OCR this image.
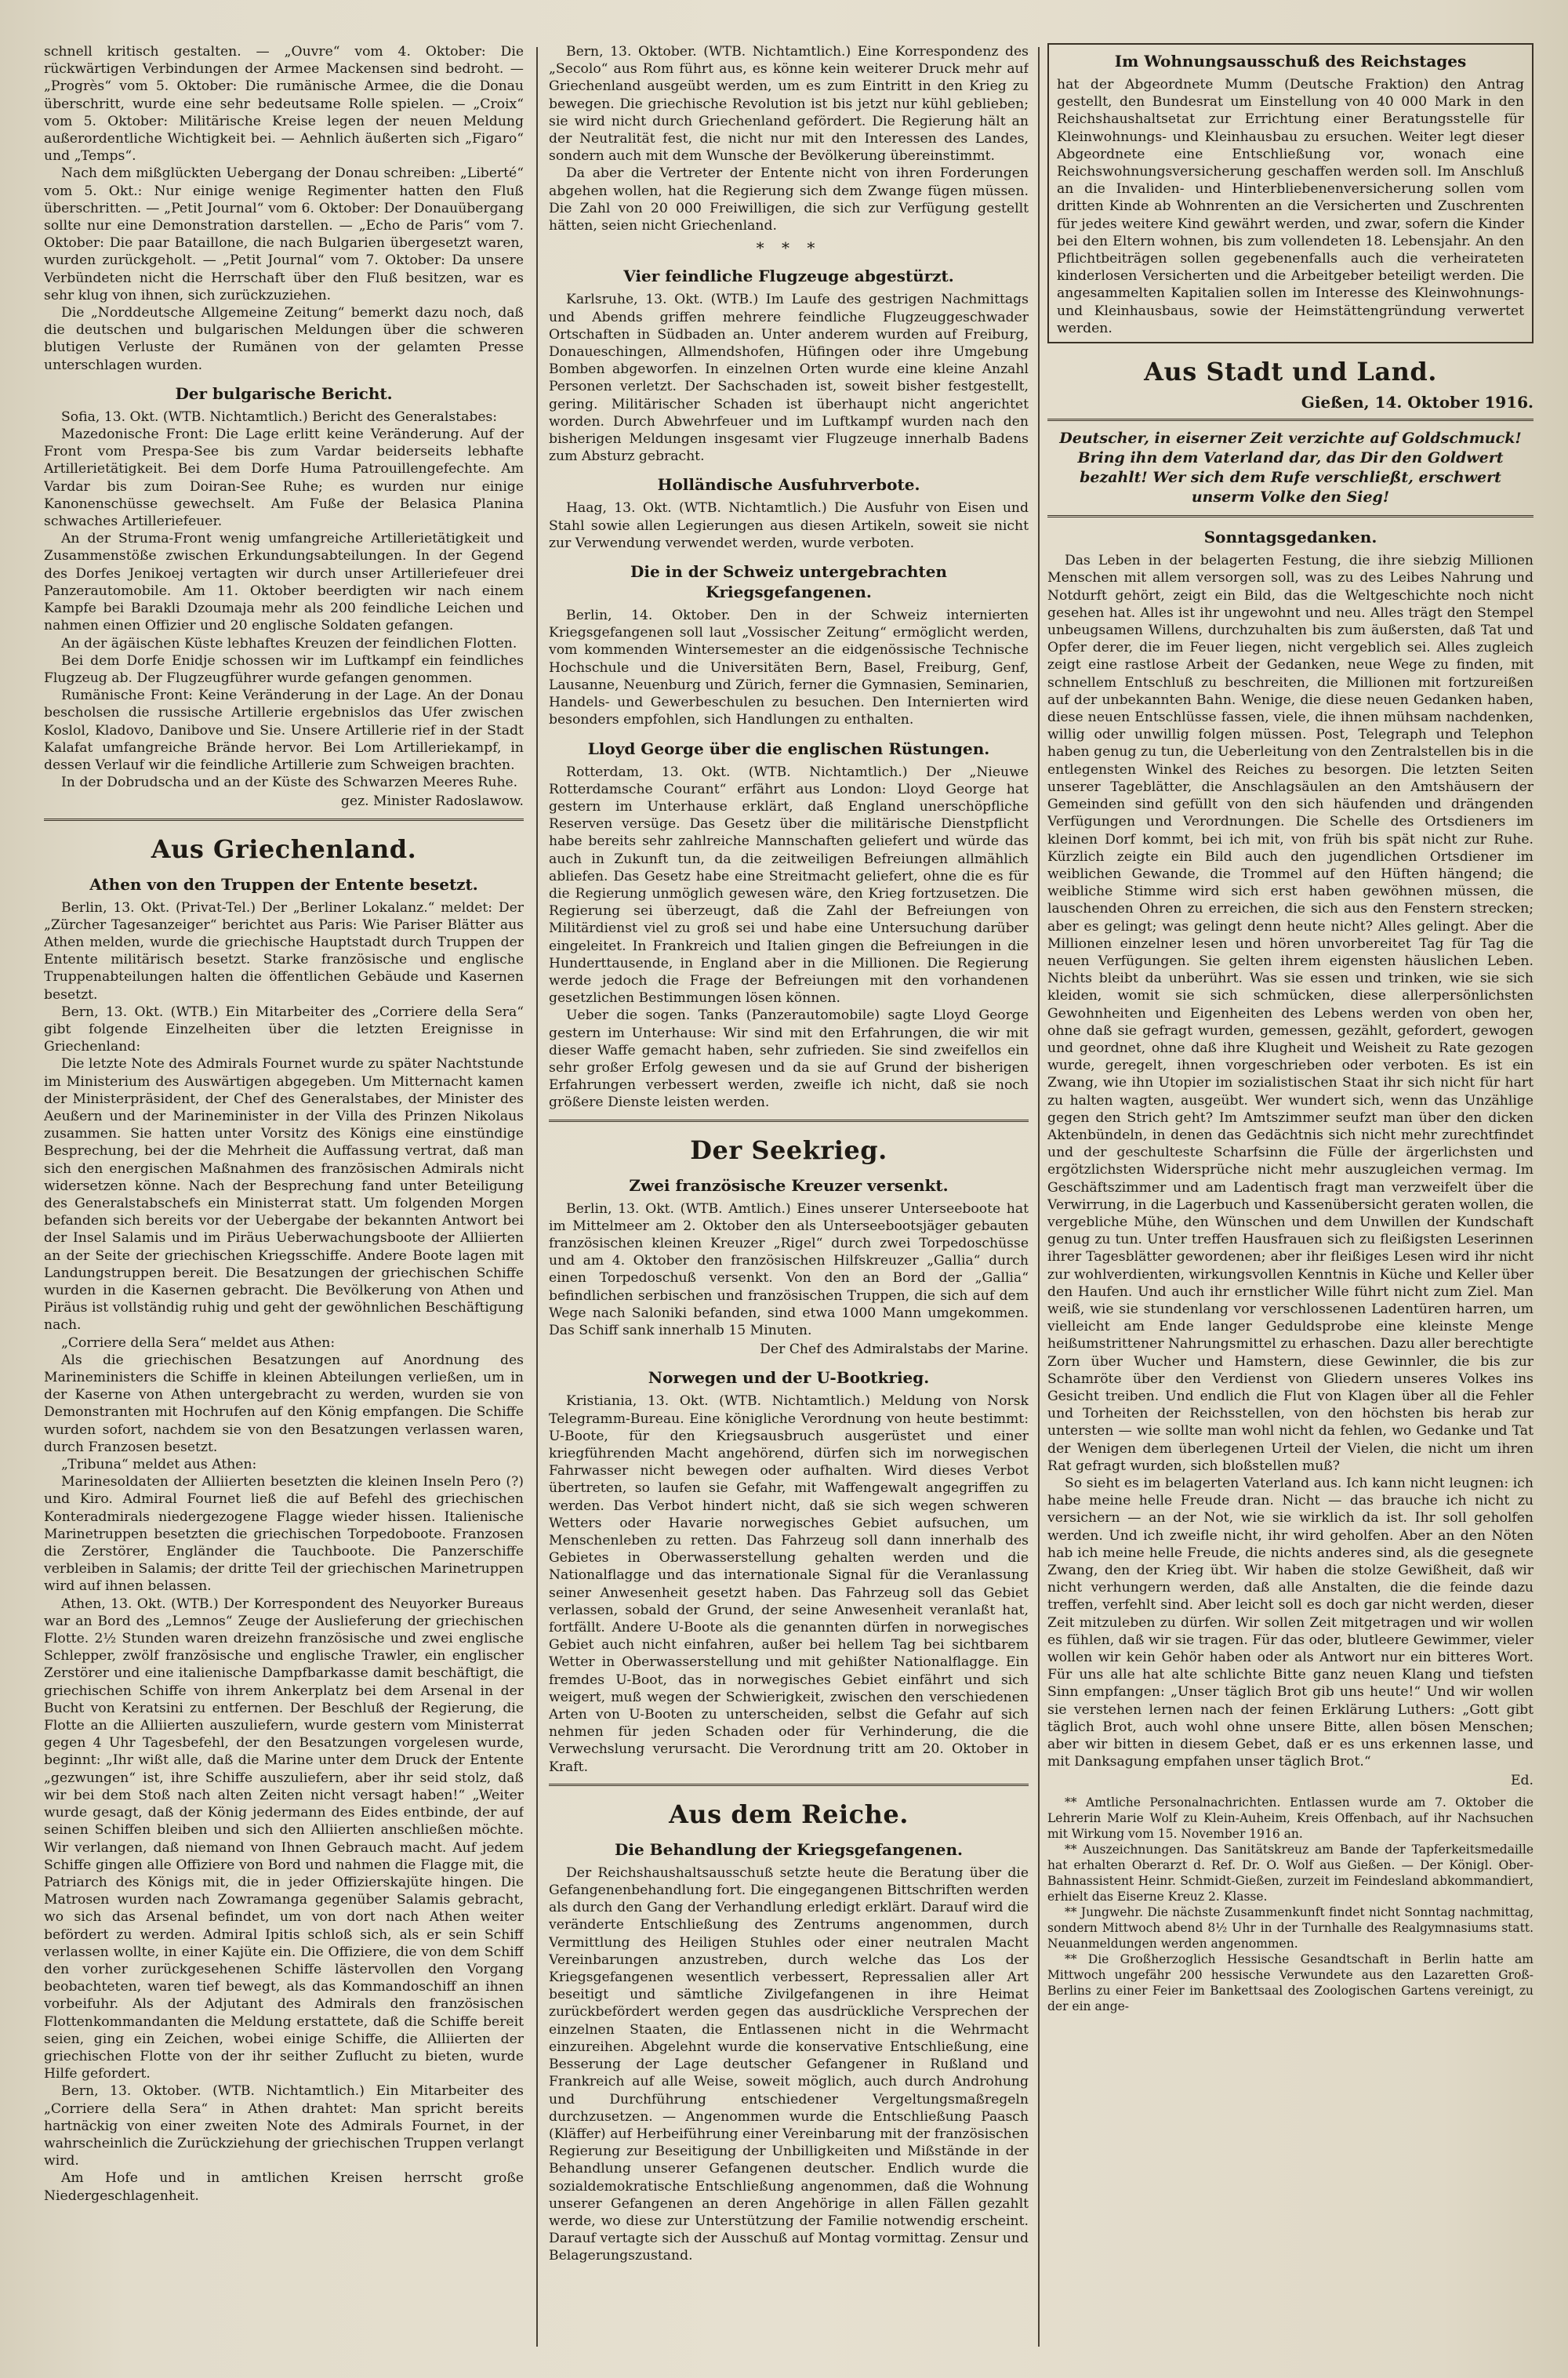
schnell kritisch gestalten. — „Ouvre“ vom 4. Oktober: Die rückwärtigen Verbindungen der Armee Mackensen sind bedroht. — „Progrès“ vom 5. Oktober: Die rumänische Armee, die die Donau überschritt, wurde eine sehr bedeutsame Rolle spielen. — „Croix“ vom 5. Oktober: Militärische Kreise legen der neuen Meldung außerordentliche Wichtigkeit bei. — Aehnlich äußerten sich „Figaro“ und „Temps“.

Nach dem mißglückten Uebergang der Donau schreiben: „Liberté“ vom 5. Okt.: Nur einige wenige Regimenter hatten den Fluß überschritten. — „Petit Journal“ vom 6. Oktober: Der Donauübergang sollte nur eine Demonstration darstellen. — „Echo de Paris“ vom 7. Oktober: Die paar Bataillone, die nach Bulgarien übergesetzt waren, wurden zurückgeholt. — „Petit Journal“ vom 7. Oktober: Da unsere Verbündeten nicht die Herrschaft über den Fluß besitzen, war es sehr klug von ihnen, sich zurückzuziehen.

Die „Norddeutsche Allgemeine Zeitung“ bemerkt dazu noch, daß die deutschen und bulgarischen Meldungen über die schweren blutigen Verluste der Rumänen von der gelamten Presse unterschlagen wurden.

Der bulgarische Bericht.

Sofia, 13. Okt. (WTB. Nichtamtlich.) Bericht des Generalstabes:

Mazedonische Front: Die Lage erlitt keine Veränderung. Auf der Front vom Prespa-See bis zum Vardar beiderseits lebhafte Artillerietätigkeit. Bei dem Dorfe Huma Patrouillengefechte. Am Vardar bis zum Doiran-See Ruhe; es wurden nur einige Kanonenschüsse gewechselt. Am Fuße der Belasica Planina schwaches Artilleriefeuer.

An der Struma-Front wenig umfangreiche Artillerietätigkeit und Zusammenstöße zwischen Erkundungsabteilungen. In der Gegend des Dorfes Jenikoej vertagten wir durch unser Artilleriefeuer drei Panzerautomobile. Am 11. Oktober beerdigten wir nach einem Kampfe bei Barakli Dzoumaja mehr als 200 feindliche Leichen und nahmen einen Offizier und 20 englische Soldaten gefangen.

An der ägäischen Küste lebhaftes Kreuzen der feindlichen Flotten.

Bei dem Dorfe Enidje schossen wir im Luftkampf ein feindliches Flugzeug ab. Der Flugzeugführer wurde gefangen genommen.

Rumänische Front: Keine Veränderung in der Lage. An der Donau bescholsen die russische Artillerie ergebnislos das Ufer zwischen Koslol, Kladovo, Danibove und Sie. Unsere Artillerie rief in der Stadt Kalafat umfangreiche Brände hervor. Bei Lom Artilleriekampf, in dessen Verlauf wir die feindliche Artillerie zum Schweigen brachten.

In der Dobrudscha und an der Küste des Schwarzen Meeres Ruhe.

gez. Minister Radoslawow.

Aus Griechenland.
Athen von den Truppen der Entente besetzt.

Berlin, 13. Okt. (Privat-Tel.) Der „Berliner Lokalanz.“ meldet: Der „Zürcher Tagesanzeiger“ berichtet aus Paris: Wie Pariser Blätter aus Athen melden, wurde die griechische Hauptstadt durch Truppen der Entente militärisch besetzt. Starke französische und englische Truppenabteilungen halten die öffentlichen Gebäude und Kasernen besetzt.

Bern, 13. Okt. (WTB.) Ein Mitarbeiter des „Corriere della Sera“ gibt folgende Einzelheiten über die letzten Ereignisse in Griechenland:

Die letzte Note des Admirals Fournet wurde zu später Nachtstunde im Ministerium des Auswärtigen abgegeben. Um Mitternacht kamen der Ministerpräsident, der Chef des Generalstabes, der Minister des Aeußern und der Marineminister in der Villa des Prinzen Nikolaus zusammen. Sie hatten unter Vorsitz des Königs eine einstündige Besprechung, bei der die Mehrheit die Auffassung vertrat, daß man sich den energischen Maßnahmen des französischen Admirals nicht widersetzen könne. Nach der Besprechung fand unter Beteiligung des Generalstabschefs ein Ministerrat statt. Um folgenden Morgen befanden sich bereits vor der Uebergabe der bekannten Antwort bei der Insel Salamis und im Piräus Ueberwachungsboote der Alliierten an der Seite der griechischen Kriegsschiffe. Andere Boote lagen mit Landungstruppen bereit. Die Besatzungen der griechischen Schiffe wurden in die Kasernen gebracht. Die Bevölkerung von Athen und Piräus ist vollständig ruhig und geht der gewöhnlichen Beschäftigung nach.

„Corriere della Sera“ meldet aus Athen:

Als die griechischen Besatzungen auf Anordnung des Marineministers die Schiffe in kleinen Abteilungen verließen, um in der Kaserne von Athen untergebracht zu werden, wurden sie von Demonstranten mit Hochrufen auf den König empfangen. Die Schiffe wurden sofort, nachdem sie von den Besatzungen verlassen waren, durch Franzosen besetzt.

„Tribuna“ meldet aus Athen:

Marinesoldaten der Alliierten besetzten die kleinen Inseln Pero (?) und Kiro. Admiral Fournet ließ die auf Befehl des griechischen Konteradmirals niedergezogene Flagge wieder hissen. Italienische Marinetruppen besetzten die griechischen Torpedoboote. Franzosen die Zerstörer, Engländer die Tauchboote. Die Panzerschiffe verbleiben in Salamis; der dritte Teil der griechischen Marinetruppen wird auf ihnen belassen.

Athen, 13. Okt. (WTB.) Der Korrespondent des Neuyorker Bureaus war an Bord des „Lemnos“ Zeuge der Auslieferung der griechischen Flotte. 2½ Stunden waren dreizehn französische und zwei englische Schlepper, zwölf französische und englische Trawler, ein englischer Zerstörer und eine italienische Dampfbarkasse damit beschäftigt, die griechischen Schiffe von ihrem Ankerplatz bei dem Arsenal in der Bucht von Keratsini zu entfernen. Der Beschluß der Regierung, die Flotte an die Alliierten auszuliefern, wurde gestern vom Ministerrat gegen 4 Uhr Tagesbefehl, der den Besatzungen vorgelesen wurde, beginnt: „Ihr wißt alle, daß die Marine unter dem Druck der Entente „gezwungen“ ist, ihre Schiffe auszuliefern, aber ihr seid stolz, daß wir bei dem Stoß nach alten Zeiten nicht versagt haben!“ „Weiter wurde gesagt, daß der König jedermann des Eides entbinde, der auf seinen Schiffen bleiben und sich den Alliierten anschließen möchte. Wir verlangen, daß niemand von Ihnen Gebrauch macht. Auf jedem Schiffe gingen alle Offiziere von Bord und nahmen die Flagge mit, die Patriarch des Königs mit, die in jeder Offizierskajüte hingen. Die Matrosen wurden nach Zowramanga gegenüber Salamis gebracht, wo sich das Arsenal befindet, um von dort nach Athen weiter befördert zu werden. Admiral Ipitis schloß sich, als er sein Schiff verlassen wollte, in einer Kajüte ein. Die Offiziere, die von dem Schiff den vorher zurückgesehenen Schiffe lästervollen den Vorgang beobachteten, waren tief bewegt, als das Kommandoschiff an ihnen vorbeifuhr. Als der Adjutant des Admirals den französischen Flottenkommandanten die Meldung erstattete, daß die Schiffe bereit seien, ging ein Zeichen, wobei einige Schiffe, die Alliierten der griechischen Flotte von der ihr seither Zuflucht zu bieten, wurde Hilfe gefordert.

Bern, 13. Oktober. (WTB. Nichtamtlich.) Ein Mitarbeiter des „Corriere della Sera“ in Athen drahtet: Man spricht bereits hartnäckig von einer zweiten Note des Admirals Fournet, in der wahrscheinlich die Zurückziehung der griechischen Truppen verlangt wird.

Am Hofe und in amtlichen Kreisen herrscht große Niedergeschlagenheit.

Bern, 13. Oktober. (WTB. Nichtamtlich.) Eine Korrespondenz des „Secolo“ aus Rom führt aus, es könne kein weiterer Druck mehr auf Griechenland ausgeübt werden, um es zum Eintritt in den Krieg zu bewegen. Die griechische Revolution ist bis jetzt nur kühl geblieben; sie wird nicht durch Griechenland gefördert. Die Regierung hält an der Neutralität fest, die nicht nur mit den Interessen des Landes, sondern auch mit dem Wunsche der Bevölkerung übereinstimmt.

Da aber die Vertreter der Entente nicht von ihren Forderungen abgehen wollen, hat die Regierung sich dem Zwange fügen müssen. Die Zahl von 20 000 Freiwilligen, die sich zur Verfügung gestellt hätten, seien nicht Griechenland.

* * *
Vier feindliche Flugzeuge abgestürzt.

Karlsruhe, 13. Okt. (WTB.) Im Laufe des gestrigen Nachmittags und Abends griffen mehrere feindliche Flugzeuggeschwader Ortschaften in Südbaden an. Unter anderem wurden auf Freiburg, Donaueschingen, Allmendshofen, Hüfingen oder ihre Umgebung Bomben abgeworfen. In einzelnen Orten wurde eine kleine Anzahl Personen verletzt. Der Sachschaden ist, soweit bisher festgestellt, gering. Militärischer Schaden ist überhaupt nicht angerichtet worden. Durch Abwehrfeuer und im Luftkampf wurden nach den bisherigen Meldungen insgesamt vier Flugzeuge innerhalb Badens zum Absturz gebracht.

Holländische Ausfuhrverbote.

Haag, 13. Okt. (WTB. Nichtamtlich.) Die Ausfuhr von Eisen und Stahl sowie allen Legierungen aus diesen Artikeln, soweit sie nicht zur Verwendung verwendet werden, wurde verboten.

Die in der Schweiz untergebrachten Kriegsgefangenen.

Berlin, 14. Oktober. Den in der Schweiz internierten Kriegsgefangenen soll laut „Vossischer Zeitung“ ermöglicht werden, vom kommenden Wintersemester an die eidgenössische Technische Hochschule und die Universitäten Bern, Basel, Freiburg, Genf, Lausanne, Neuenburg und Zürich, ferner die Gymnasien, Seminarien, Handels- und Gewerbeschulen zu besuchen. Den Internierten wird besonders empfohlen, sich Handlungen zu enthalten.

Lloyd George über die englischen Rüstungen.

Rotterdam, 13. Okt. (WTB. Nichtamtlich.) Der „Nieuwe Rotterdamsche Courant“ erfährt aus London: Lloyd George hat gestern im Unterhause erklärt, daß England unerschöpfliche Reserven versüge. Das Gesetz über die militärische Dienstpflicht habe bereits sehr zahlreiche Mannschaften geliefert und würde das auch in Zukunft tun, da die zeitweiligen Befreiungen allmählich abliefen. Das Gesetz habe eine Streitmacht geliefert, ohne die es für die Regierung unmöglich gewesen wäre, den Krieg fortzusetzen. Die Regierung sei überzeugt, daß die Zahl der Befreiungen von Militärdienst viel zu groß sei und habe eine Untersuchung darüber eingeleitet. In Frankreich und Italien gingen die Befreiungen in die Hunderttausende, in England aber in die Millionen. Die Regierung werde jedoch die Frage der Befreiungen mit den vorhandenen gesetzlichen Bestimmungen lösen können.

Ueber die sogen. Tanks (Panzerautomobile) sagte Lloyd George gestern im Unterhause: Wir sind mit den Erfahrungen, die wir mit dieser Waffe gemacht haben, sehr zufrieden. Sie sind zweifellos ein sehr großer Erfolg gewesen und da sie auf Grund der bisherigen Erfahrungen verbessert werden, zweifle ich nicht, daß sie noch größere Dienste leisten werden.

Der Seekrieg.
Zwei französische Kreuzer versenkt.

Berlin, 13. Okt. (WTB. Amtlich.) Eines unserer Unterseeboote hat im Mittelmeer am 2. Oktober den als Unterseebootsjäger gebauten französischen kleinen Kreuzer „Rigel“ durch zwei Torpedoschüsse und am 4. Oktober den französischen Hilfskreuzer „Gallia“ durch einen Torpedoschuß versenkt. Von den an Bord der „Gallia“ befindlichen serbischen und französischen Truppen, die sich auf dem Wege nach Saloniki befanden, sind etwa 1000 Mann umgekommen. Das Schiff sank innerhalb 15 Minuten.

Der Chef des Admiralstabs der Marine.

Norwegen und der U-Bootkrieg.

Kristiania, 13. Okt. (WTB. Nichtamtlich.) Meldung von Norsk Telegramm-Bureau. Eine königliche Verordnung von heute bestimmt: U-Boote, für den Kriegsausbruch ausgerüstet und einer kriegführenden Macht angehörend, dürfen sich im norwegischen Fahrwasser nicht bewegen oder aufhalten. Wird dieses Verbot übertreten, so laufen sie Gefahr, mit Waffengewalt angegriffen zu werden. Das Verbot hindert nicht, daß sie sich wegen schweren Wetters oder Havarie norwegisches Gebiet aufsuchen, um Menschenleben zu retten. Das Fahrzeug soll dann innerhalb des Gebietes in Oberwasserstellung gehalten werden und die Nationalflagge und das internationale Signal für die Veranlassung seiner Anwesenheit gesetzt haben. Das Fahrzeug soll das Gebiet verlassen, sobald der Grund, der seine Anwesenheit veranlaßt hat, fortfällt. Andere U-Boote als die genannten dürfen in norwegisches Gebiet auch nicht einfahren, außer bei hellem Tag bei sichtbarem Wetter in Oberwasserstellung und mit gehißter Nationalflagge. Ein fremdes U-Boot, das in norwegisches Gebiet einfährt und sich weigert, muß wegen der Schwierigkeit, zwischen den verschiedenen Arten von U-Booten zu unterscheiden, selbst die Gefahr auf sich nehmen für jeden Schaden oder für Verhinderung, die die Verwechslung verursacht. Die Verordnung tritt am 20. Oktober in Kraft.

Aus dem Reiche.
Die Behandlung der Kriegsgefangenen.

Der Reichshaushaltsausschuß setzte heute die Beratung über die Gefangenenbehandlung fort. Die eingegangenen Bittschriften werden als durch den Gang der Verhandlung erledigt erklärt. Darauf wird die veränderte Entschließung des Zentrums angenommen, durch Vermittlung des Heiligen Stuhles oder einer neutralen Macht Vereinbarungen anzustreben, durch welche das Los der Kriegsgefangenen wesentlich verbessert, Repressalien aller Art beseitigt und sämtliche Zivilgefangenen in ihre Heimat zurückbefördert werden gegen das ausdrückliche Versprechen der einzelnen Staaten, die Entlassenen nicht in die Wehrmacht einzureihen. Abgelehnt wurde die konservative Entschließung, eine Besserung der Lage deutscher Gefangener in Rußland und Frankreich auf alle Weise, soweit möglich, auch durch Androhung und Durchführung entschiedener Vergeltungsmaßregeln durchzusetzen. — Angenommen wurde die Entschließung Paasch (Kläffer) auf Herbeiführung einer Vereinbarung mit der französischen Regierung zur Beseitigung der Unbilligkeiten und Mißstände in der Behandlung unserer Gefangenen deutscher. Endlich wurde die sozialdemokratische Entschließung angenommen, daß die Wohnung unserer Gefangenen an deren Angehörige in allen Fällen gezahlt werde, wo diese zur Unterstützung der Familie notwendig erscheint. Darauf vertagte sich der Ausschuß auf Montag vormittag. Zensur und Belagerungszustand.

Im Wohnungsausschuß des Reichstages

hat der Abgeordnete Mumm (Deutsche Fraktion) den Antrag gestellt, den Bundesrat um Einstellung von 40 000 Mark in den Reichshaushaltsetat zur Errichtung einer Beratungsstelle für Kleinwohnungs- und Kleinhausbau zu ersuchen. Weiter legt dieser Abgeordnete eine Entschließung vor, wonach eine Reichswohnungsversicherung geschaffen werden soll. Im Anschluß an die Invaliden- und Hinterbliebenenversicherung sollen vom dritten Kinde ab Wohnrenten an die Versicherten und Zuschrenten für jedes weitere Kind gewährt werden, und zwar, sofern die Kinder bei den Eltern wohnen, bis zum vollendeten 18. Lebensjahr. An den Pflichtbeiträgen sollen gegebenenfalls auch die verheirateten kinderlosen Versicherten und die Arbeitgeber beteiligt werden. Die angesammelten Kapitalien sollen im Interesse des Kleinwohnungs- und Kleinhausbaus, sowie der Heimstättengründung verwertet werden.

Aus Stadt und Land.
Gießen, 14. Oktober 1916.

Deutscher, in eiserner Zeit verzichte auf Goldschmuck! Bring ihn dem Vaterland dar, das Dir den Goldwert bezahlt! Wer sich dem Rufe verschließt, erschwert unserm Volke den Sieg!

Sonntagsgedanken.

Das Leben in der belagerten Festung, die ihre siebzig Millionen Menschen mit allem versorgen soll, was zu des Leibes Nahrung und Notdurft gehört, zeigt ein Bild, das die Weltgeschichte noch nicht gesehen hat. Alles ist ihr ungewohnt und neu. Alles trägt den Stempel unbeugsamen Willens, durchzuhalten bis zum äußersten, daß Tat und Opfer derer, die im Feuer liegen, nicht vergeblich sei. Alles zugleich zeigt eine rastlose Arbeit der Gedanken, neue Wege zu finden, mit schnellem Entschluß zu beschreiten, die Millionen mit fortzureißen auf der unbekannten Bahn. Wenige, die diese neuen Gedanken haben, diese neuen Entschlüsse fassen, viele, die ihnen mühsam nachdenken, willig oder unwillig folgen müssen. Post, Telegraph und Telephon haben genug zu tun, die Ueberleitung von den Zentralstellen bis in die entlegensten Winkel des Reiches zu besorgen. Die letzten Seiten unserer Tageblätter, die Anschlagsäulen an den Amtshäusern der Gemeinden sind gefüllt von den sich häufenden und drängenden Verfügungen und Verordnungen. Die Schelle des Ortsdieners im kleinen Dorf kommt, bei ich mit, von früh bis spät nicht zur Ruhe. Kürzlich zeigte ein Bild auch den jugendlichen Ortsdiener im weiblichen Gewande, die Trommel auf den Hüften hängend; die weibliche Stimme wird sich erst haben gewöhnen müssen, die lauschenden Ohren zu erreichen, die sich aus den Fenstern strecken; aber es gelingt; was gelingt denn heute nicht? Alles gelingt. Aber die Millionen einzelner lesen und hören unvorbereitet Tag für Tag die neuen Verfügungen. Sie gelten ihrem eigensten häuslichen Leben. Nichts bleibt da unberührt. Was sie essen und trinken, wie sie sich kleiden, womit sie sich schmücken, diese allerpersönlichsten Gewohnheiten und Eigenheiten des Lebens werden von oben her, ohne daß sie gefragt wurden, gemessen, gezählt, gefordert, gewogen und geordnet, ohne daß ihre Klugheit und Weisheit zu Rate gezogen wurde, geregelt, ihnen vorgeschrieben oder verboten. Es ist ein Zwang, wie ihn Utopier im sozialistischen Staat ihr sich nicht für hart zu halten wagten, ausgeübt. Wer wundert sich, wenn das Unzählige gegen den Strich geht? Im Amtszimmer seufzt man über den dicken Aktenbündeln, in denen das Gedächtnis sich nicht mehr zurechtfindet und der geschulteste Scharfsinn die Fülle der ärgerlichsten und ergötzlichsten Widersprüche nicht mehr auszugleichen vermag. Im Geschäftszimmer und am Ladentisch fragt man verzweifelt über die Verwirrung, in die Lagerbuch und Kassenübersicht geraten wollen, die vergebliche Mühe, den Wünschen und dem Unwillen der Kundschaft genug zu tun. Unter treffen Hausfrauen sich zu fleißigsten Leserinnen ihrer Tagesblätter gewordenen; aber ihr fleißiges Lesen wird ihr nicht zur wohlverdienten, wirkungsvollen Kenntnis in Küche und Keller über den Haufen. Und auch ihr ernstlicher Wille führt nicht zum Ziel. Man weiß, wie sie stundenlang vor verschlossenen Ladentüren harren, um vielleicht am Ende langer Geduldsprobe eine kleinste Menge heißumstrittener Nahrungsmittel zu erhaschen. Dazu aller berechtigte Zorn über Wucher und Hamstern, diese Gewinnler, die bis zur Schamröte über den Verdienst von Gliedern unseres Volkes ins Gesicht treiben. Und endlich die Flut von Klagen über all die Fehler und Torheiten der Reichsstellen, von den höchsten bis herab zur untersten — wie sollte man wohl nicht da fehlen, wo Gedanke und Tat der Wenigen dem überlegenen Urteil der Vielen, die nicht um ihren Rat gefragt wurden, sich bloßstellen muß?

So sieht es im belagerten Vaterland aus. Ich kann nicht leugnen: ich habe meine helle Freude dran. Nicht — das brauche ich nicht zu versichern — an der Not, wie sie wirklich da ist. Ihr soll geholfen werden. Und ich zweifle nicht, ihr wird geholfen. Aber an den Nöten hab ich meine helle Freude, die nichts anderes sind, als die gesegnete Zwang, den der Krieg übt. Wir haben die stolze Gewißheit, daß wir nicht verhungern werden, daß alle Anstalten, die die feinde dazu treffen, verfehlt sind. Aber leicht soll es doch gar nicht werden, dieser Zeit mitzuleben zu dürfen. Wir sollen Zeit mitgetragen und wir wollen es fühlen, daß wir sie tragen. Für das oder, blutleere Gewimmer, vieler wollen wir kein Gehör haben oder als Antwort nur ein bitteres Wort. Für uns alle hat alte schlichte Bitte ganz neuen Klang und tiefsten Sinn empfangen: „Unser täglich Brot gib uns heute!“ Und wir wollen sie verstehen lernen nach der feinen Erklärung Luthers: „Gott gibt täglich Brot, auch wohl ohne unsere Bitte, allen bösen Menschen; aber wir bitten in diesem Gebet, daß er es uns erkennen lasse, und mit Danksagung empfahen unser täglich Brot.“

Ed.

** Amtliche Personalnachrichten. Entlassen wurde am 7. Oktober die Lehrerin Marie Wolf zu Klein-Auheim, Kreis Offenbach, auf ihr Nachsuchen mit Wirkung vom 15. November 1916 an.

** Auszeichnungen. Das Sanitätskreuz am Bande der Tapferkeitsmedaille hat erhalten Oberarzt d. Ref. Dr. O. Wolf aus Gießen. — Der Königl. Ober-Bahnassistent Heinr. Schmidt-Gießen, zurzeit im Feindesland abkommandiert, erhielt das Eiserne Kreuz 2. Klasse.

** Jungwehr. Die nächste Zusammenkunft findet nicht Sonntag nachmittag, sondern Mittwoch abend 8½ Uhr in der Turnhalle des Realgymnasiums statt. Neuanmeldungen werden angenommen.

** Die Großherzoglich Hessische Gesandtschaft in Berlin hatte am Mittwoch ungefähr 200 hessische Verwundete aus den Lazaretten Groß-Berlins zu einer Feier im Bankettsaal des Zoologischen Gartens vereinigt, zu der ein ange-
